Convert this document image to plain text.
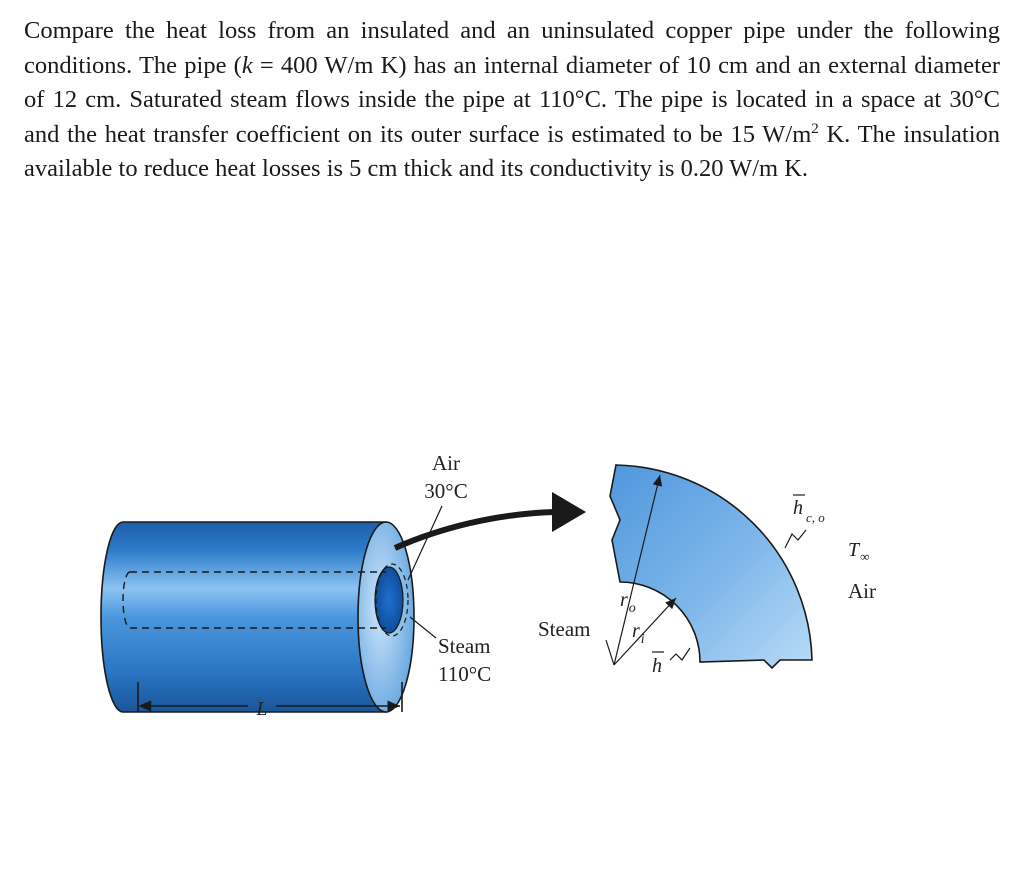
Compare the heat loss from an insulated and an uninsulated copper pipe under the following conditions. The pipe (k = 400 W/m K) has an internal diameter of 10 cm and an external diameter of 12 cm. Saturated steam flows inside the pipe at 110°C. The pipe is located in a space at 30°C and the heat transfer coefficient on its outer surface is estimated to be 15 $W/m^2$ K. The insulation available to reduce heat losses is 5 cm thick and its conductivity is 0.20 W/m K.

L
Air
30°C
Steam
110°C
$r_o$
$r_i$
Steam
h
h c, o
$T_\infty$
Air
